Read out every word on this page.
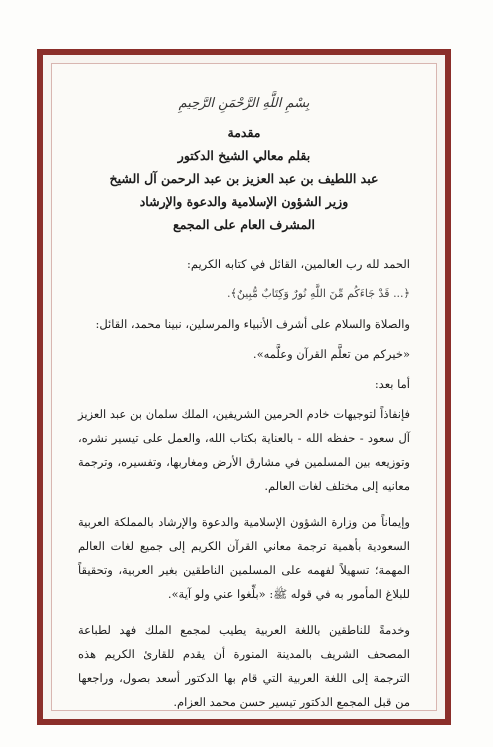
بِسْمِ اللَّهِ الرَّحْمَنِ الرَّحِيمِ
مقدمة
بقلم معالي الشيخ الدكتور
عبد اللطيف بن عبد العزيز بن عبد الرحمن آل الشيخ
وزير الشؤون الإسلامية والدعوة والإرشاد
المشرف العام على المجمع

الحمد لله رب العالمين، القائل في كتابه الكريم:

﴿... قَدْ جَاءَكُم مِّنَ اللَّهِ نُورٌ وَكِتَابٌ مُّبِينٌ﴾.

والصلاة والسلام على أشرف الأنبياء والمرسلين، نبينا محمد، القائل:

«خيركم من تعلَّم القرآن وعلَّمه».

أما بعد:

فإنفاذاً لتوجيهات خادم الحرمين الشريفين، الملك سلمان بن عبد العزيز آل سعود - حفظه الله - بالعناية بكتاب الله، والعمل على تيسير نشره، وتوزيعه بين المسلمين في مشارق الأرض ومغاربها، وتفسيره، وترجمة معانيه إلى مختلف لغات العالم.

وإيماناً من وزارة الشؤون الإسلامية والدعوة والإرشاد بالمملكة العربية السعودية بأهمية ترجمة معاني القرآن الكريم إلى جميع لغات العالم المهمة؛ تسهيلاً لفهمه على المسلمين الناطقين بغير العربية، وتحقيقاً للبلاغ المأمور به في قوله ﷺ: «بلِّغوا عني ولو آية».

وخدمةً للناطقين باللغة العربية يطيب لمجمع الملك فهد لطباعة المصحف الشريف بالمدينة المنورة أن يقدم للقارئ الكريم هذه الترجمة إلى اللغة العربية التي قام بها الدكتور أسعد بصول، وراجعها من قبل المجمع الدكتور تيسير حسن محمد العزام.
